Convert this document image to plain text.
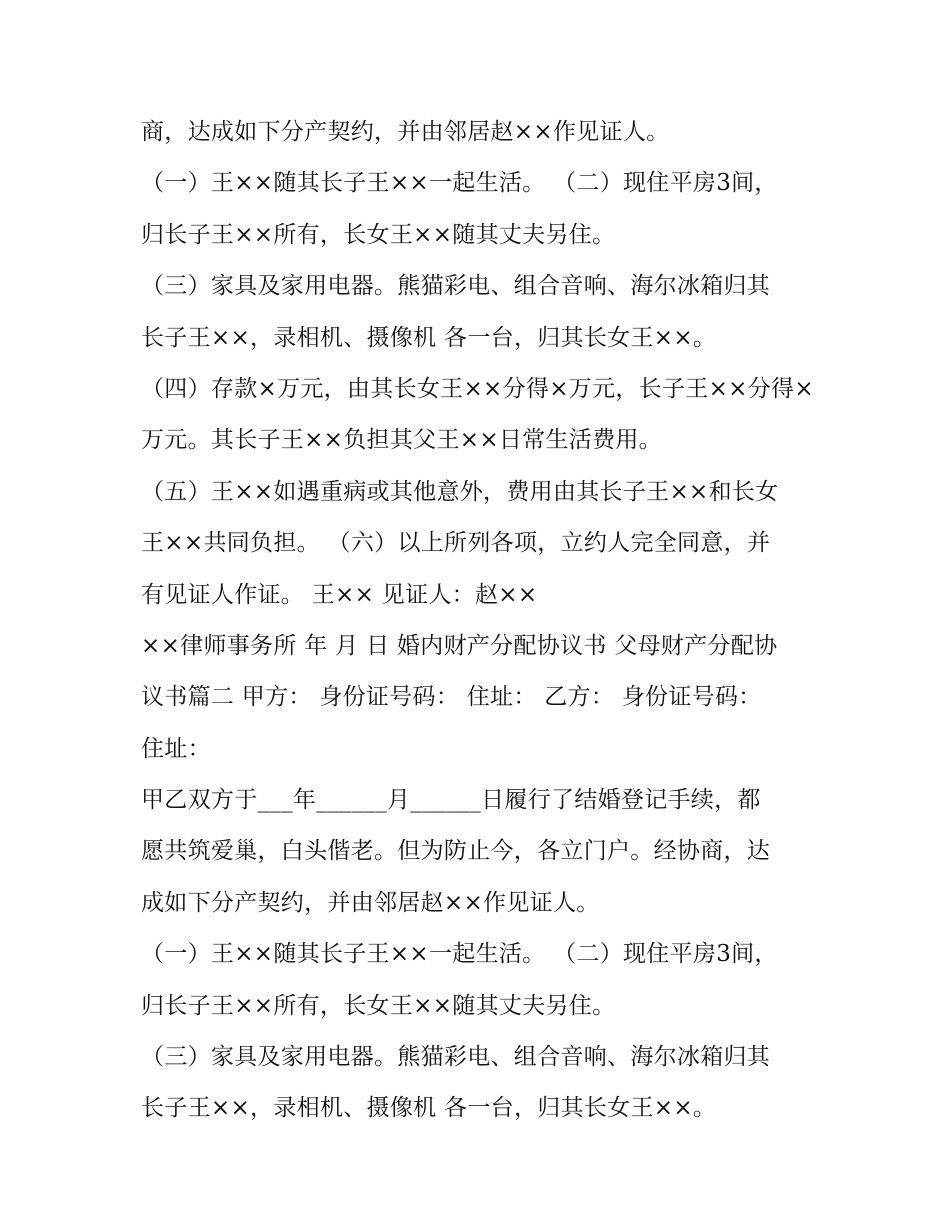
商，达成如下分产契约，并由邻居赵××作见证人。
（一）王××随其长子王××一起生活。 （二）现住平房3间，
归长子王××所有，长女王××随其丈夫另住。
（三）家具及家用电器。熊猫彩电、组合音响、海尔冰箱归其
长子王××，录相机、摄像机 各一台，归其长女王××。
（四）存款×万元，由其长女王××分得×万元，长子王××分得×
万元。其长子王××负担其父王××日常生活费用。
（五）王××如遇重病或其他意外，费用由其长子王××和长女
王××共同负担。 （六）以上所列各项，立约人完全同意，并
有见证人作证。 王×× 见证人：赵××
××律师事务所 年 月 日 婚内财产分配协议书 父母财产分配协
议书篇二 甲方： 身份证号码： 住址： 乙方： 身份证号码：
住址：
甲乙双方于___年______月______日履行了结婚登记手续，都
愿共筑爱巢，白头偕老。但为防止今，各立门户。经协商，达
成如下分产契约，并由邻居赵××作见证人。
（一）王××随其长子王××一起生活。 （二）现住平房3间，
归长子王××所有，长女王××随其丈夫另住。
（三）家具及家用电器。熊猫彩电、组合音响、海尔冰箱归其
长子王××，录相机、摄像机 各一台，归其长女王××。
